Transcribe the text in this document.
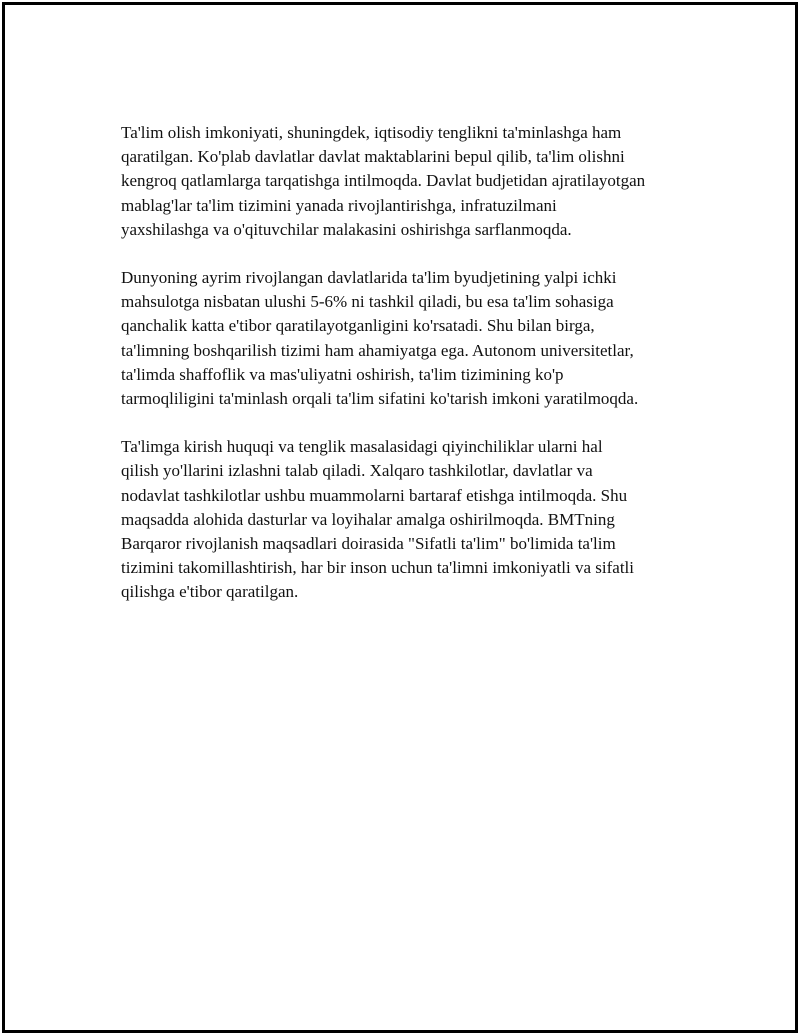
Ta'lim olish imkoniyati, shuningdek, iqtisodiy tenglikni ta'minlashga ham
qaratilgan. Ko'plab davlatlar davlat maktablarini bepul qilib, ta'lim olishni
kengroq qatlamlarga tarqatishga intilmoqda. Davlat budjetidan ajratilayotgan
mablag'lar ta'lim tizimini yanada rivojlantirishga, infratuzilmani
yaxshilashga va o'qituvchilar malakasini oshirishga sarflanmoqda.

Dunyoning ayrim rivojlangan davlatlarida ta'lim byudjetining yalpi ichki
mahsulotga nisbatan ulushi 5-6% ni tashkil qiladi, bu esa ta'lim sohasiga
qanchalik katta e'tibor qaratilayotganligini ko'rsatadi. Shu bilan birga,
ta'limning boshqarilish tizimi ham ahamiyatga ega. Autonom universitetlar,
ta'limda shaffoflik va mas'uliyatni oshirish, ta'lim tizimining ko'p
tarmoqliligini ta'minlash orqali ta'lim sifatini ko'tarish imkoni yaratilmoqda.

Ta'limga kirish huquqi va tenglik masalasidagi qiyinchiliklar ularni hal
qilish yo'llarini izlashni talab qiladi. Xalqaro tashkilotlar, davlatlar va
nodavlat tashkilotlar ushbu muammolarni bartaraf etishga intilmoqda. Shu
maqsadda alohida dasturlar va loyihalar amalga oshirilmoqda. BMTning
Barqaror rivojlanish maqsadlari doirasida "Sifatli ta'lim" bo'limida ta'lim
tizimini takomillashtirish, har bir inson uchun ta'limni imkoniyatli va sifatli
qilishga e'tibor qaratilgan.
